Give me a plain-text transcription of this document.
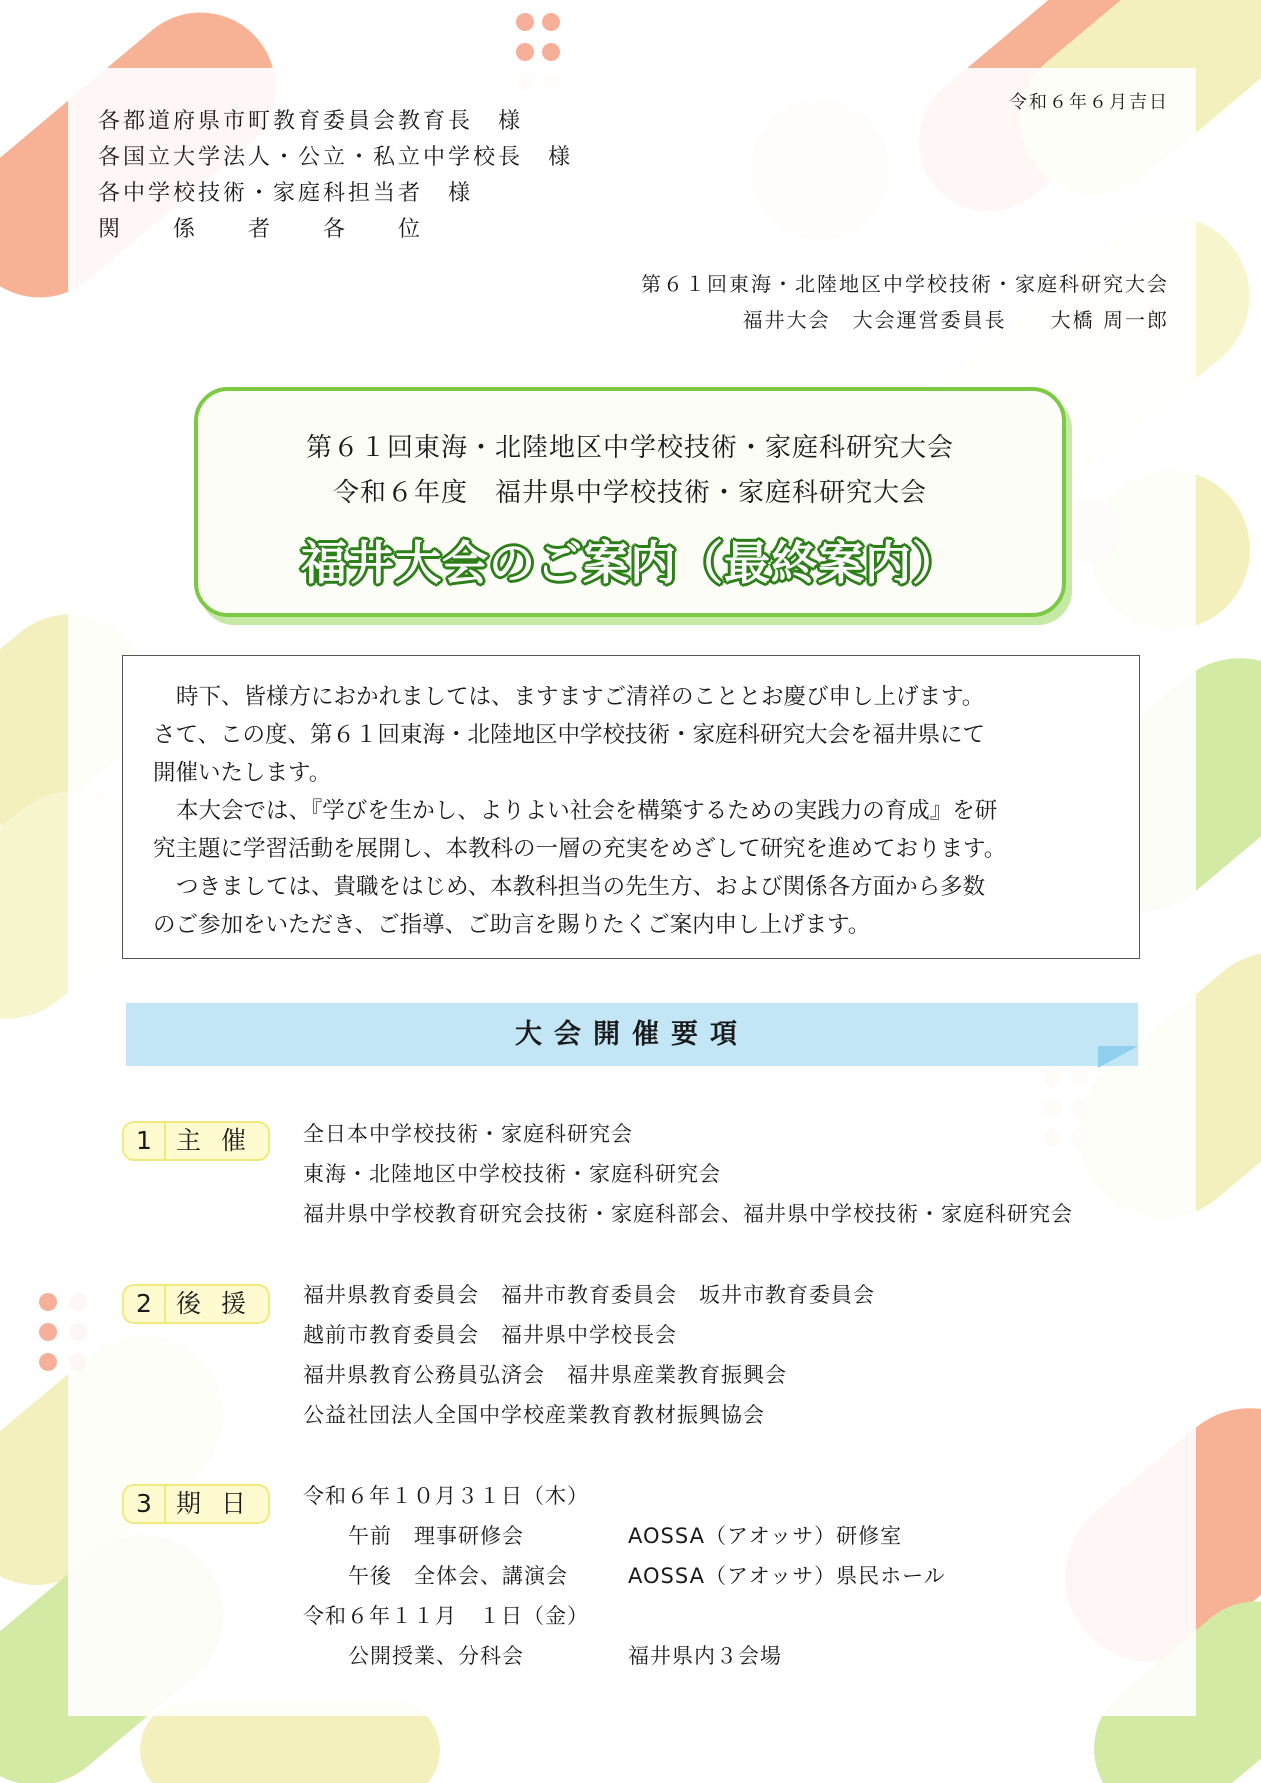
令和６年６月吉日
各都道府県市町教育委員会教育長　様
各国立大学法人・公立・私立中学校長　様
各中学校技術・家庭科担当者　様
関　　係　　者　　各　　位
第６１回東海・北陸地区中学校技術・家庭科研究大会
福井大会　大会運営委員長　　大橋 周一郎
第６１回東海・北陸地区中学校技術・家庭科研究大会
令和６年度　福井県中学校技術・家庭科研究大会
福井大会のご案内（最終案内）
時下、皆様方におかれましては、ますますご清祥のこととお慶び申し上げます。
さて、この度、第６１回東海・北陸地区中学校技術・家庭科研究大会を福井県にて
開催いたします。
本大会では、『学びを生かし、よりよい社会を構築するための実践力の育成』を研
究主題に学習活動を展開し、本教科の一層の充実をめざして研究を進めております。
つきましては、貴職をはじめ、本教科担当の先生方、および関係各方面から多数
のご参加をいただき、ご指導、ご助言を賜りたくご案内申し上げます。
大会開催要項
1 主催 全日本中学校技術・家庭科研究会
東海・北陸地区中学校技術・家庭科研究会
福井県中学校教育研究会技術・家庭科部会、福井県中学校技術・家庭科研究会
2 後援 福井県教育委員会　福井市教育委員会　坂井市教育委員会
越前市教育委員会　福井県中学校長会
福井県教育公務員弘済会　福井県産業教育振興会
公益社団法人全国中学校産業教育教材振興協会
3 期日 令和６年１０月３１日（木）
午前　理事研修会	AOSSA（アオッサ）研修室
午後　全体会、講演会	AOSSA（アオッサ）県民ホール
令和６年１１月　１日（金）
公開授業、分科会	福井県内３会場
